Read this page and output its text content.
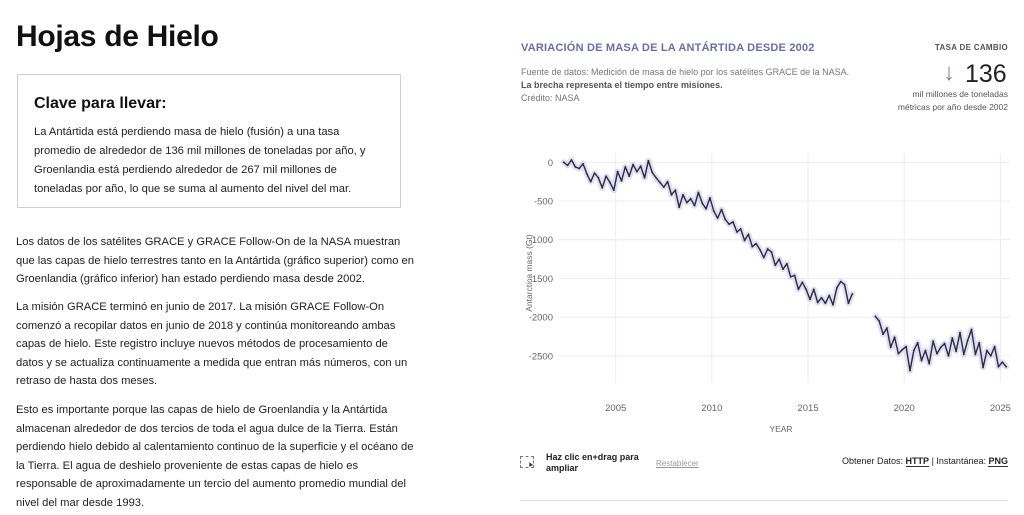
Hojas de Hielo
Clave para llevar:

La Antártida está perdiendo masa de hielo (fusión) a una tasa promedio de alrededor de 136 mil millones de toneladas por año, y Groenlandia está perdiendo alrededor de 267 mil millones de toneladas por año, lo que se suma al aumento del nivel del mar.

Los datos de los satélites GRACE y GRACE Follow-On de la NASA muestran que las capas de hielo terrestres tanto en la Antártida (gráfico superior) como en Groenlandia (gráfico inferior) han estado perdiendo masa desde 2002.

La misión GRACE terminó en junio de 2017. La misión GRACE Follow-On comenzó a recopilar datos en junio de 2018 y continúa monitoreando ambas capas de hielo. Este registro incluye nuevos métodos de procesamiento de datos y se actualiza continuamente a medida que entran más números, con un retraso de hasta dos meses.

Esto es importante porque las capas de hielo de Groenlandia y la Antártida almacenan alrededor de dos tercios de toda el agua dulce de la Tierra. Están perdiendo hielo debido al calentamiento continuo de la superficie y el océano de la Tierra. El agua de deshielo proveniente de estas capas de hielo es responsable de aproximadamente un tercio del aumento promedio mundial del nivel del mar desde 1993.

VARIACIÓN DE MASA DE LA ANTÁRTIDA DESDE 2002
Fuente de datos: Medición de masa de hielo por los satélites GRACE de la NASA. La brecha representa el tiempo entre misiones.
Crédito: NASA
TASA DE CAMBIO
↓ 136
mil millones de toneladas métricas por año desde 2002
0
-500
-1000
-1500
-2000
-2500
2005	2010	2015	2020	2025
Antarctica mass (Gt)
YEAR
▲
Haz clic en+drag para ampliar	Restablecer	Obtener Datos: HTTP | Instantánea: PNG
